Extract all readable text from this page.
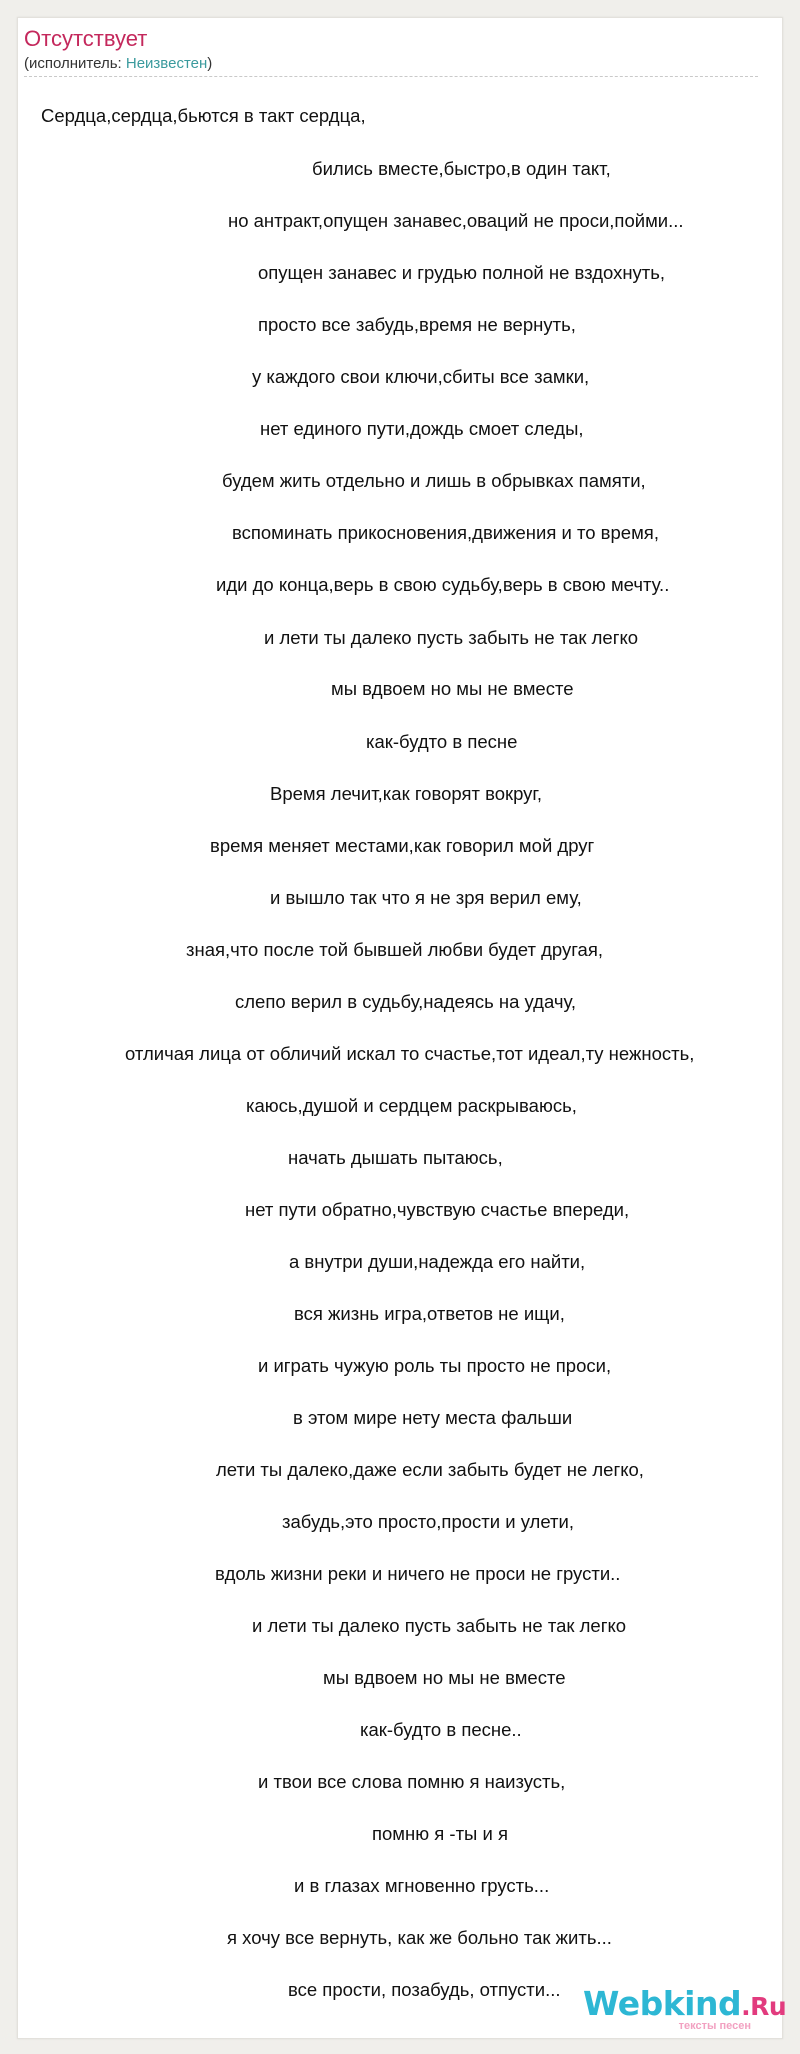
Отсутствует
(исполнитель: Неизвестен)
Сердца,сердца,бьются в такт сердца,
бились вместе,быстро,в один такт,
но антракт,опущен занавес,оваций не проси,пойми...
опущен занавес и грудью полной не вздохнуть,
просто все забудь,время не вернуть,
у каждого свои ключи,сбиты все замки,
нет единого пути,дождь смоет следы,
будем жить отдельно и лишь в обрывках памяти,
вспоминать прикосновения,движения и то время,
иди до конца,верь в свою судьбу,верь в свою мечту..
и лети ты далеко пусть забыть не так легко
мы вдвоем но мы не вместе
как-будто в песне
Время лечит,как говорят вокруг,
время меняет местами,как говорил мой друг
и вышло так что я не зря верил ему,
зная,что после той бывшей любви будет другая,
слепо верил в судьбу,надеясь на удачу,
отличая лица от обличий искал то счастье,тот идеал,ту нежность,
каюсь,душой и сердцем раскрываюсь,
начать дышать пытаюсь,
нет пути обратно,чувствую счастье впереди,
а внутри души,надежда его найти,
вся жизнь игра,ответов не ищи,
и играть чужую роль ты просто не проси,
в этом мире нету места фальши
лети ты далеко,даже если забыть будет не легко,
забудь,это просто,прости и улети,
вдоль жизни реки и ничего не проси не грусти..
и лети ты далеко пусть забыть не так легко
мы вдвоем но мы не вместе
как-будто в песне..
и твои все слова помню я наизусть,
помню я -ты и я
и в глазах мгновенно грусть...
я хочу все вернуть, как же больно так жить...
все прости, позабудь, отпусти... Webkind.Ru
тексты песен
